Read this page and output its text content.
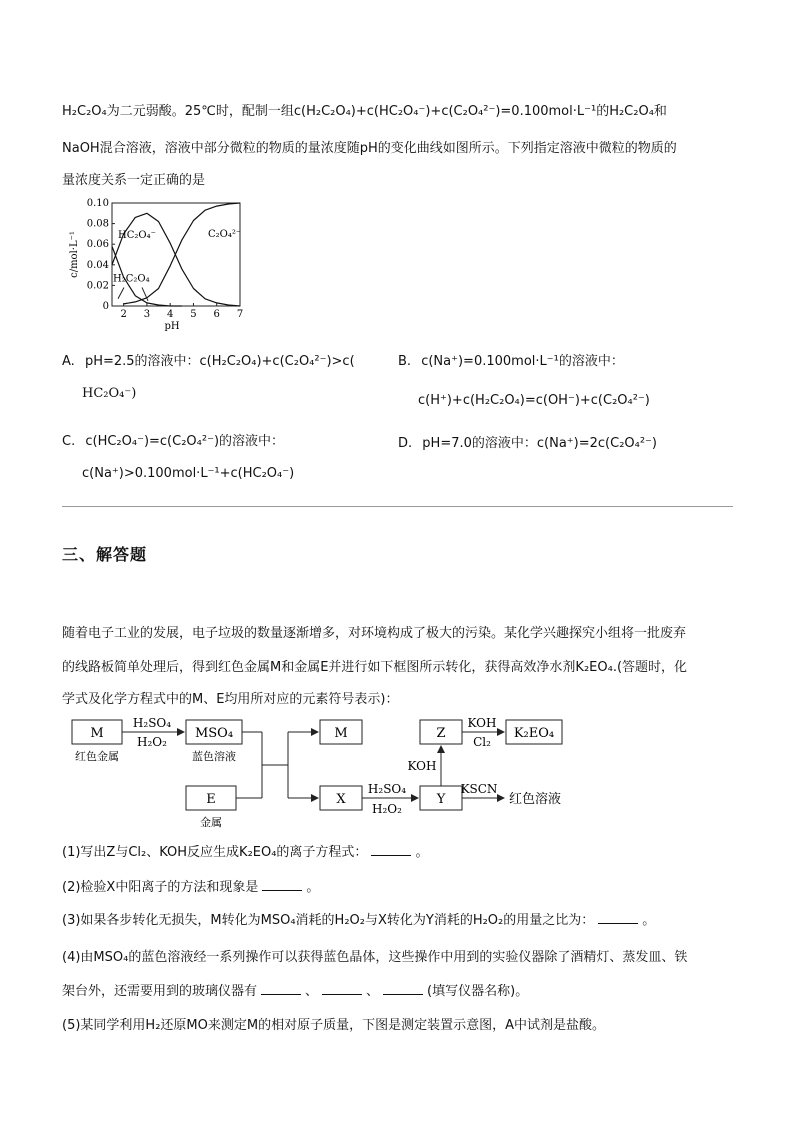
H₂C₂O₄为二元弱酸。25℃时，配制一组c(H₂C₂O₄)+c(HC₂O₄⁻)+c(C₂O₄²⁻)=0.100mol·L⁻¹的H₂C₂O₄和
NaOH混合溶液，溶液中部分微粒的物质的量浓度随pH的变化曲线如图所示。下列指定溶液中微粒的物质的
量浓度关系一定正确的是
0
0.02
0.04
0.06
0.08
0.10
2 3 4 5 6 7
pH
c/mol·L⁻¹	HC₂O₄⁻	C₂O₄²⁻
H₂C₂O₄
A. pH=2.5的溶液中：c(H₂C₂O₄)+c(C₂O₄²⁻)>c(
HC₂O₄⁻)
B. c(Na⁺)=0.100mol·L⁻¹的溶液中：
c(H⁺)+c(H₂C₂O₄)=c(OH⁻)+c(C₂O₄²⁻)
C. c(HC₂O₄⁻)=c(C₂O₄²⁻)的溶液中：
c(Na⁺)>0.100mol·L⁻¹+c(HC₂O₄⁻)
D. pH=7.0的溶液中：c(Na⁺)=2c(C₂O₄²⁻)
三、解答题
随着电子工业的发展，电子垃圾的数量逐渐增多，对环境构成了极大的污染。某化学兴趣探究小组将一批废弃
的线路板简单处理后，得到红色金属M和金属E并进行如下框图所示转化，获得高效净水剂K₂EO₄.(答题时，化
学式及化学方程式中的M、E均用所对应的元素符号表示)：
M
红色金属
H₂SO₄
H₂O₂
MSO₄
蓝色溶液
E
金属
M
X
H₂SO₄
H₂O₂
Y
KSCN
红色溶液
KOH
Z
KOH
Cl₂
K₂EO₄
(1)写出Z与Cl₂、KOH反应生成K₂EO₄的离子方程式：	。
(2)检验X中阳离子的方法和现象是	。
(3)如果各步转化无损失，M转化为MSO₄消耗的H₂O₂与X转化为Y消耗的H₂O₂的用量之比为：	。
(4)由MSO₄的蓝色溶液经一系列操作可以获得蓝色晶体，这些操作中用到的实验仪器除了酒精灯、蒸发皿、铁
架台外，还需要用到的玻璃仪器有	、	、	(填写仪器名称)。
(5)某同学利用H₂还原MO来测定M的相对原子质量，下图是测定装置示意图，A中试剂是盐酸。
